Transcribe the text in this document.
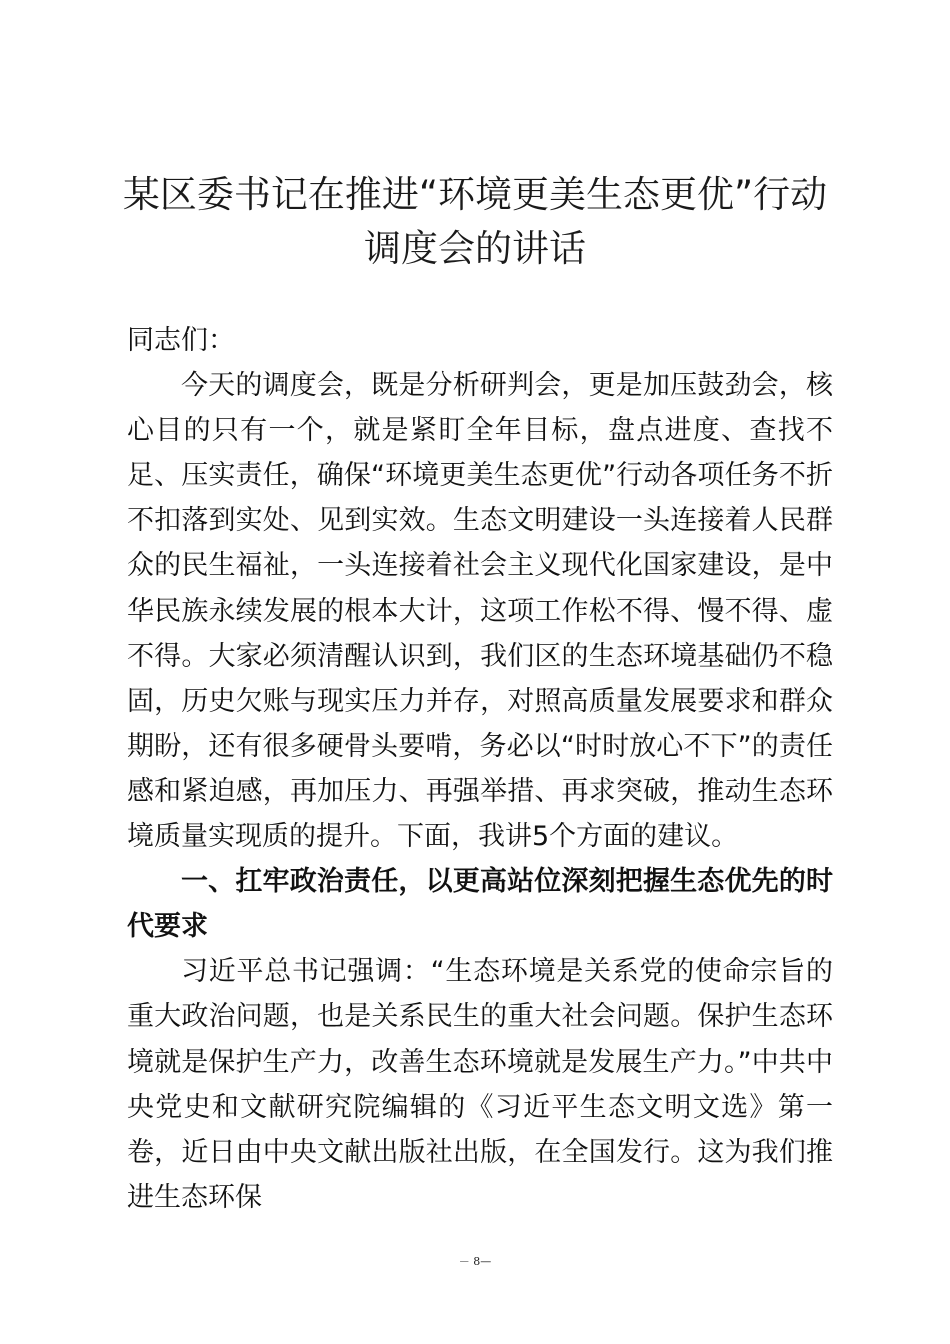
某区委书记在推进“环境更美生态更优”行动
调度会的讲话

同志们：

今天的调度会，既是分析研判会，更是加压鼓劲会，核心目的只有一个，就是紧盯全年目标，盘点进度、查找不足、压实责任，确保“环境更美生态更优”行动各项任务不折不扣落到实处、见到实效。生态文明建设一头连接着人民群众的民生福祉，一头连接着社会主义现代化国家建设，是中华民族永续发展的根本大计，这项工作松不得、慢不得、虚不得。大家必须清醒认识到，我们区的生态环境基础仍不稳固，历史欠账与现实压力并存，对照高质量发展要求和群众期盼，还有很多硬骨头要啃，务必以“时时放心不下”的责任感和紧迫感，再加压力、再强举措、再求突破，推动生态环境质量实现质的提升。下面，我讲5个方面的建议。

一、扛牢政治责任，以更高站位深刻把握生态优先的时代要求

习近平总书记强调：“生态环境是关系党的使命宗旨的重大政治问题，也是关系民生的重大社会问题。保护生态环境就是保护生产力，改善生态环境就是发展生产力。”中共中央党史和文献研究院编辑的《习近平生态文明文选》第一卷，近日由中央文献出版社出版，在全国发行。这为我们推进生态环保

－ 8—
